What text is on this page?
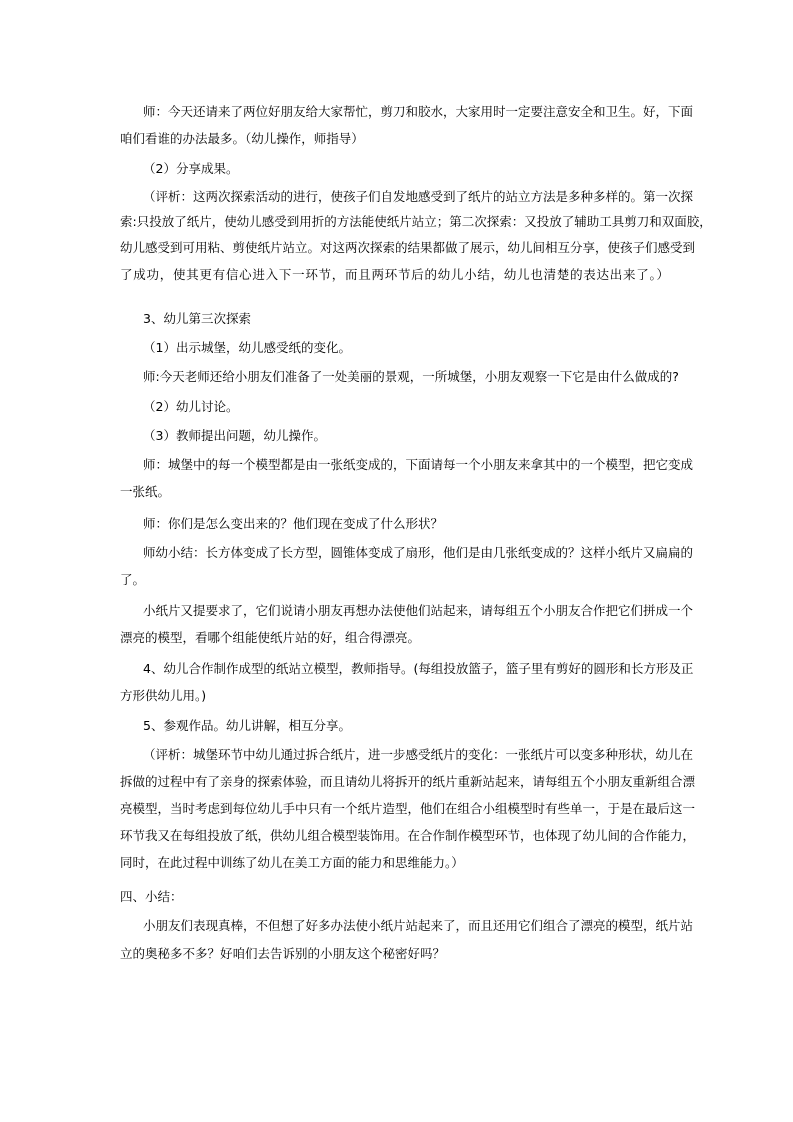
师：今天还请来了两位好朋友给大家帮忙，剪刀和胶水，大家用时一定要注意安全和卫生。好，下面
咱们看谁的办法最多。（幼儿操作，师指导）
（2）分享成果。
（评析：这两次探索活动的进行，使孩子们自发地感受到了纸片的站立方法是多种多样的。第一次探
索:只投放了纸片，使幼儿感受到用折的方法能使纸片站立；第二次探索：又投放了辅助工具剪刀和双面胶，
幼儿感受到可用粘、剪使纸片站立。对这两次探索的结果都做了展示，幼儿间相互分享，使孩子们感受到
了成功，使其更有信心进入下一环节，而且两环节后的幼儿小结，幼儿也清楚的表达出来了。）
3、幼儿第三次探索
（1）出示城堡，幼儿感受纸的变化。
师:今天老师还给小朋友们准备了一处美丽的景观，一所城堡，小朋友观察一下它是由什么做成的?
（2）幼儿讨论。
（3）教师提出问题，幼儿操作。
师：城堡中的每一个模型都是由一张纸变成的，下面请每一个小朋友来拿其中的一个模型，把它变成
一张纸。
师：你们是怎么变出来的？他们现在变成了什么形状？
师幼小结：长方体变成了长方型，圆锥体变成了扇形，他们是由几张纸变成的？这样小纸片又扁扁的
了。
小纸片又提要求了，它们说请小朋友再想办法使他们站起来，请每组五个小朋友合作把它们拼成一个
漂亮的模型，看哪个组能使纸片站的好，组合得漂亮。
4、幼儿合作制作成型的纸站立模型，教师指导。(每组投放篮子，篮子里有剪好的圆形和长方形及正
方形供幼儿用。)
5、参观作品。幼儿讲解，相互分享。
（评析：城堡环节中幼儿通过拆合纸片，进一步感受纸片的变化：一张纸片可以变多种形状，幼儿在
拆做的过程中有了亲身的探索体验，而且请幼儿将拆开的纸片重新站起来，请每组五个小朋友重新组合漂
亮模型，当时考虑到每位幼儿手中只有一个纸片造型，他们在组合小组模型时有些单一，于是在最后这一
环节我又在每组投放了纸，供幼儿组合模型装饰用。在合作制作模型环节，也体现了幼儿间的合作能力，
同时，在此过程中训练了幼儿在美工方面的能力和思维能力。）
四、小结：
小朋友们表现真棒，不但想了好多办法使小纸片站起来了，而且还用它们组合了漂亮的模型，纸片站
立的奥秘多不多？好咱们去告诉别的小朋友这个秘密好吗？
